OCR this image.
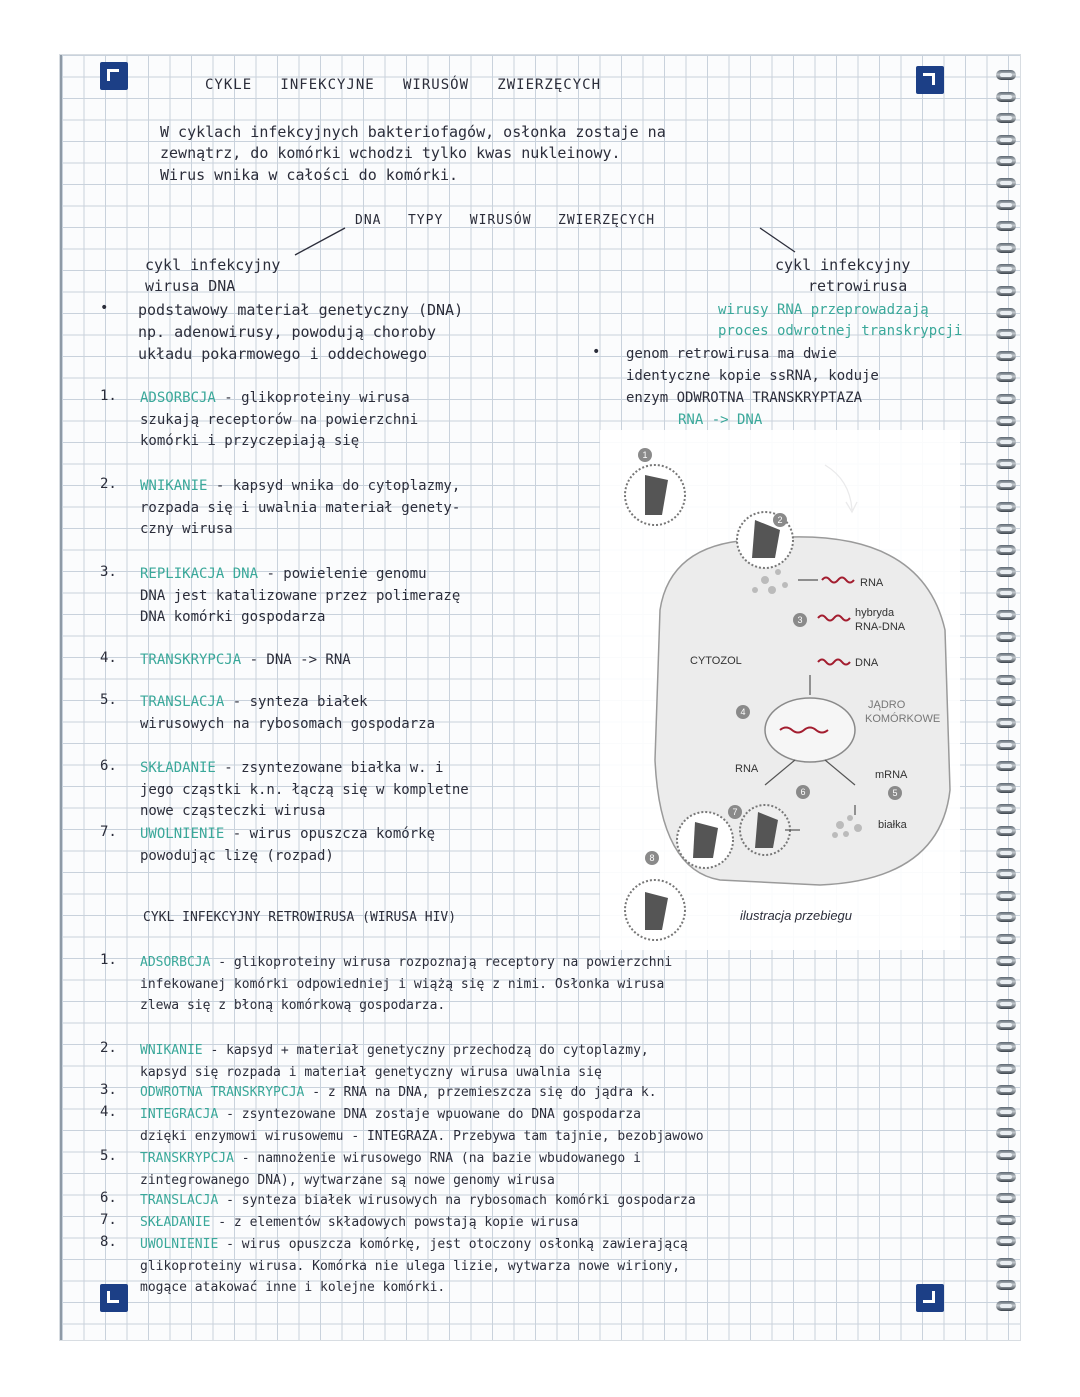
CYKLE   INFEKCYJNE   WIRUSÓW   ZWIERZĘCYCH
W cyklach infekcyjnych bakteriofagów, osłonka zostaje na
zewnątrz, do komórki wchodzi tylko kwas nukleinowy.
Wirus wnika w całości do komórki.
DNA   TYPY   WIRUSÓW   ZWIERZĘCYCH
cykl infekcyjny
wirusa DNA
• podstawowy materiał genetyczny (DNA)
np. adenowirusy, powodują choroby
układu pokarmowego i oddechowego
1. ADSORBCJA - glikoproteiny wirusa
szukają receptorów na powierzchni
komórki i przyczepiają się
2. WNIKANIE - kapsyd wnika do cytoplazmy,
rozpada się i uwalnia materiał genety-
czny wirusa
3. REPLIKACJA DNA - powielenie genomu
DNA jest katalizowane przez polimerazę
DNA komórki gospodarza
4. TRANSKRYPCJA - DNA -> RNA
5. TRANSLACJA - synteza białek
wirusowych na rybosomach gospodarza
6. SKŁADANIE - zsyntezowane białka w. i
jego cząstki k.n. łączą się w kompletne
nowe cząsteczki wirusa
7. UWOLNIENIE - wirus opuszcza komórkę
powodując lizę (rozpad)
cykl infekcyjny
retrowirusa
wirusy RNA przeprowadzają
proces odwrotnej transkrypcji
• genom retrowirusa ma dwie
identyczne kopie ssRNA, koduje
enzym ODWROTNA TRANSKRYPTAZA
RNA -> DNA
RNA
hybryda
RNA-DNA
CYTOZOL	DNA
JĄDRO
KOMÓRKOWE
RNA	mRNA
białka
1
2
3
4
5
6
7
8
ilustracja przebiegu
CYKL INFEKCYJNY RETROWIRUSA (WIRUSA HIV)
1. ADSORBCJA - glikoproteiny wirusa rozpoznają receptory na powierzchni
infekowanej komórki odpowiedniej i wiążą się z nimi. Osłonka wirusa
zlewa się z błoną komórkową gospodarza.
2. WNIKANIE - kapsyd + materiał genetyczny przechodzą do cytoplazmy,
kapsyd się rozpada i materiał genetyczny wirusa uwalnia się
3. ODWROTNA TRANSKRYPCJA - z RNA na DNA, przemieszcza się do jądra k.
4. INTEGRACJA - zsyntezowane DNA zostaje wpuowane do DNA gospodarza
dzięki enzymowi wirusowemu - INTEGRAZA. Przebywa tam tajnie, bezobjawowo
5. TRANSKRYPCJA - namnożenie wirusowego RNA (na bazie wbudowanego i
zintegrowanego DNA), wytwarzane są nowe genomy wirusa
6. TRANSLACJA - synteza białek wirusowych na rybosomach komórki gospodarza
7. SKŁADANIE - z elementów składowych powstają kopie wirusa
8. UWOLNIENIE - wirus opuszcza komórkę, jest otoczony osłonką zawierającą
glikoproteiny wirusa. Komórka nie ulega lizie, wytwarza nowe wiriony,
mogące atakować inne i kolejne komórki.
